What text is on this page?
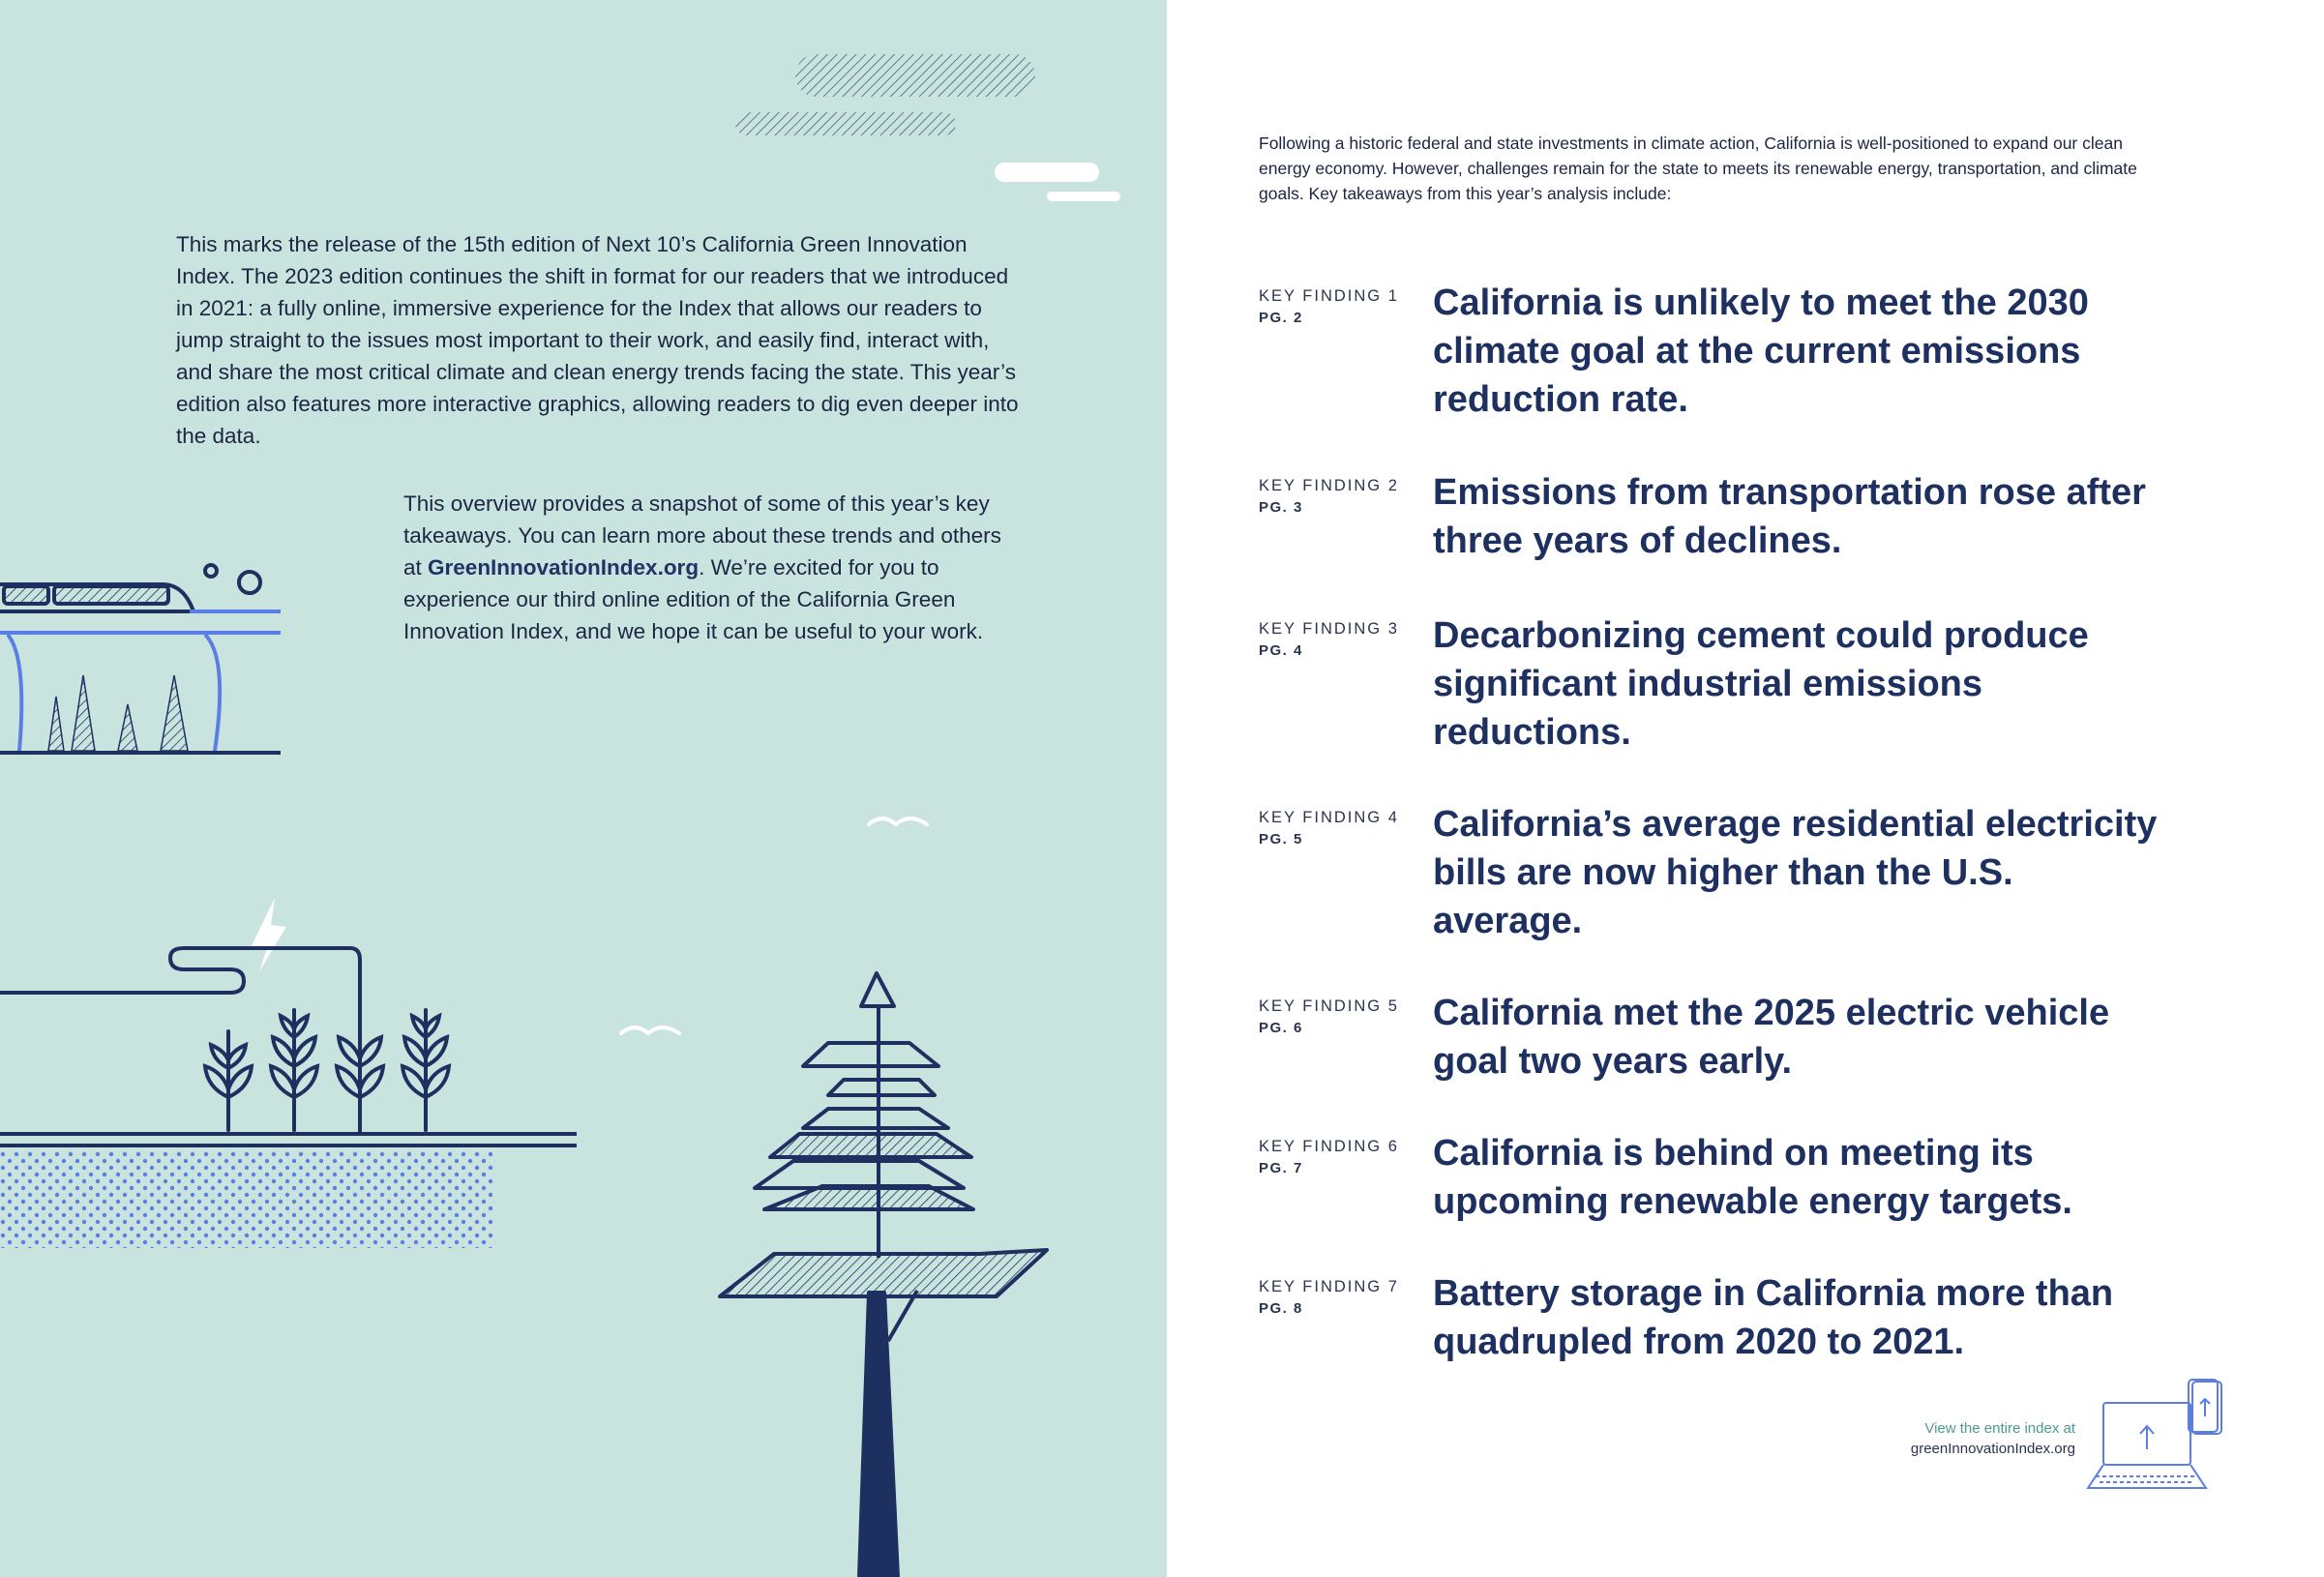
This marks the release of the 15th edition of Next 10’s California Green Innovation Index. The 2023 edition continues the shift in format for our readers that we introduced in 2021: a fully online, immersive experience for the Index that allows our readers to jump straight to the issues most important to their work, and easily find, interact with, and share the most critical climate and clean energy trends facing the state. This year’s edition also features more interactive graphics, allowing readers to dig even deeper into the data.

This overview provides a snapshot of some of this year’s key takeaways. You can learn more about these trends and others at GreenInnovationIndex.org. We’re excited for you to experience our third online edition of the California Green Innovation Index, and we hope it can be useful to your work.

Following a historic federal and state investments in climate action, California is well-positioned to expand our clean energy economy. However, challenges remain for the state to meets its renewable energy, transportation, and climate goals. Key takeaways from this year’s analysis include:

KEY FINDING 1
PG. 2	California is unlikely to meet the 2030 climate goal at the current emissions reduction rate.
KEY FINDING 2
PG. 3	Emissions from transportation rose after three years of declines.
KEY FINDING 3
PG. 4	Decarbonizing cement could produce significant industrial emissions reductions.
KEY FINDING 4
PG. 5	California’s average residential electricity bills are now higher than the U.S. average.
KEY FINDING 5
PG. 6	California met the 2025 electric vehicle goal two years early.
KEY FINDING 6
PG. 7	California is behind on meeting its upcoming renewable energy targets.
KEY FINDING 7
PG. 8	Battery storage in California more than quadrupled from 2020 to 2021.
View the entire index at
greenInnovationIndex.org
